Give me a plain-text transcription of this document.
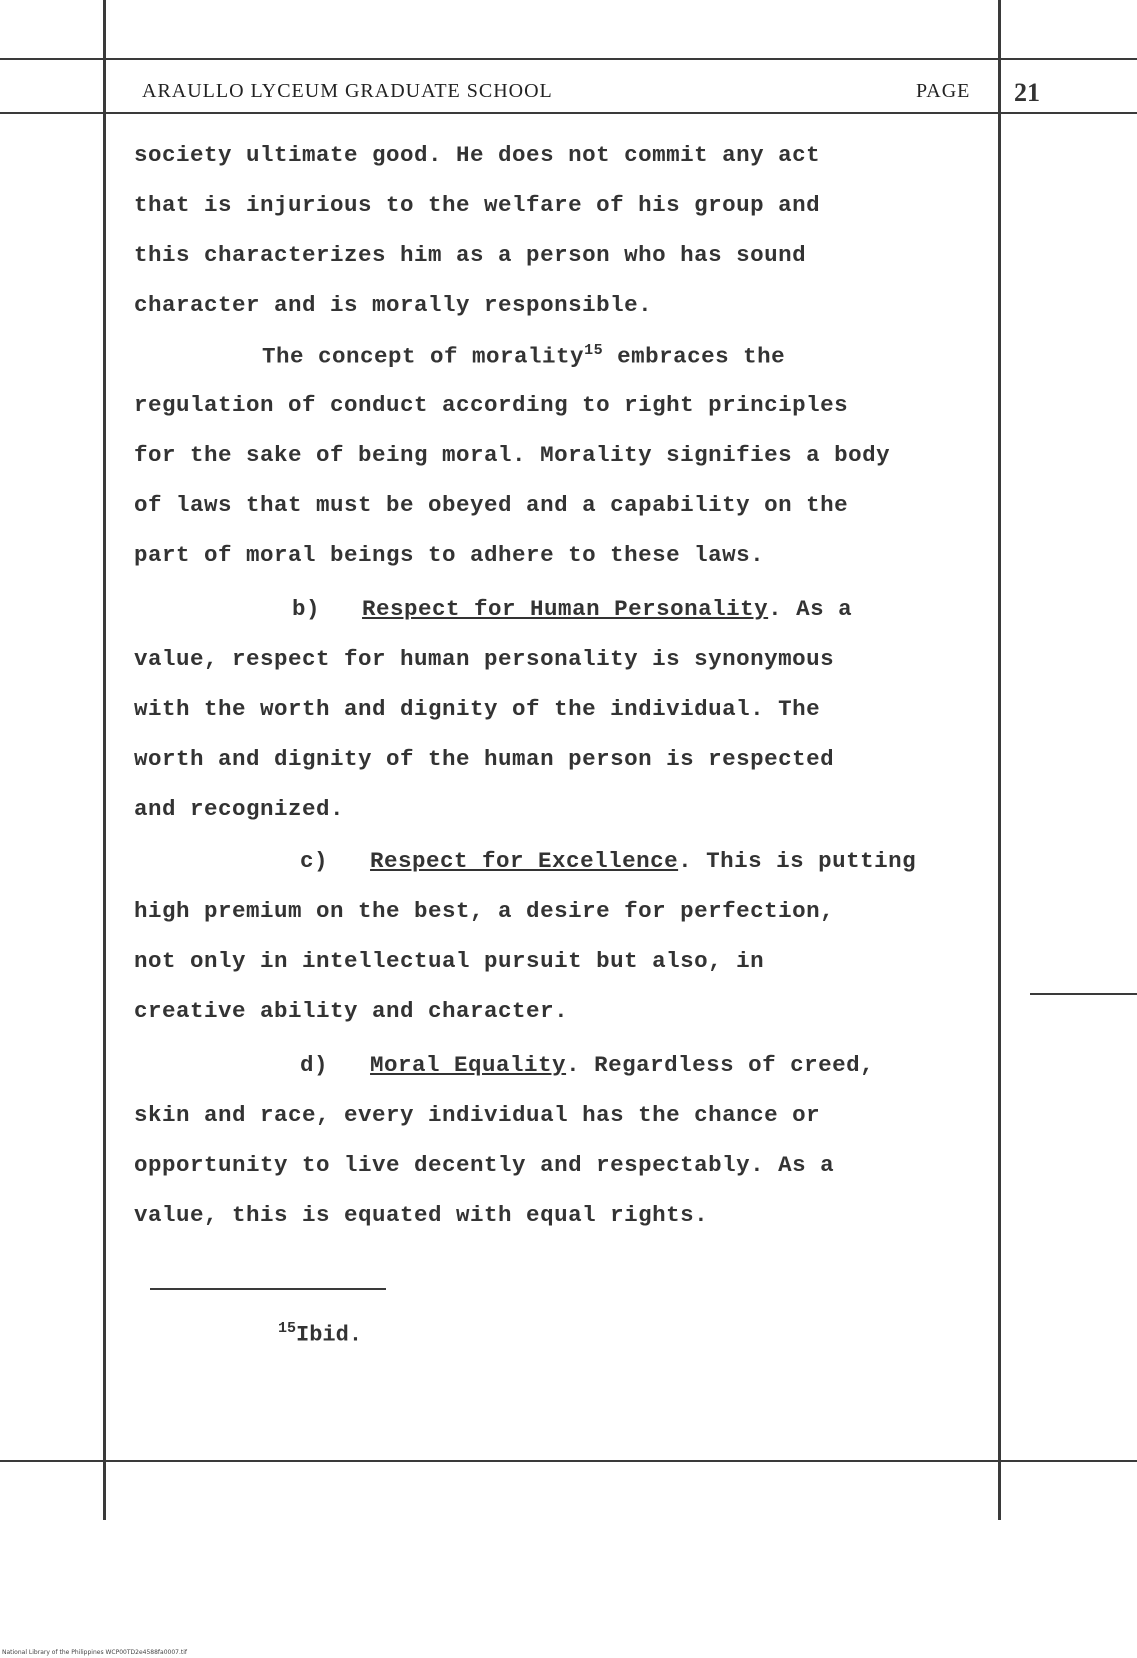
ARAULLO LYCEUM GRADUATE SCHOOL	PAGE 21
society ultimate good. He does not commit any act
that is injurious to the welfare of his group and
this characterizes him as a person who has sound
character and is morally responsible.
The concept of morality$^{15}$ embraces the
regulation of conduct according to right principles
for the sake of being moral. Morality signifies a body
of laws that must be obeyed and a capability on the
part of moral beings to adhere to these laws.
b) Respect for Human Personality. As a
value, respect for human personality is synonymous
with the worth and dignity of the individual. The
worth and dignity of the human person is respected
and recognized.
c) Respect for Excellence. This is putting
high premium on the best, a desire for perfection,
not only in intellectual pursuit but also, in
creative ability and character.
d) Moral Equality. Regardless of creed,
skin and race, every individual has the chance or
opportunity to live decently and respectably. As a
value, this is equated with equal rights.
$^{15}$Ibid.
National Library of the Philippines WCP00TD2e4588fa0007.tif
